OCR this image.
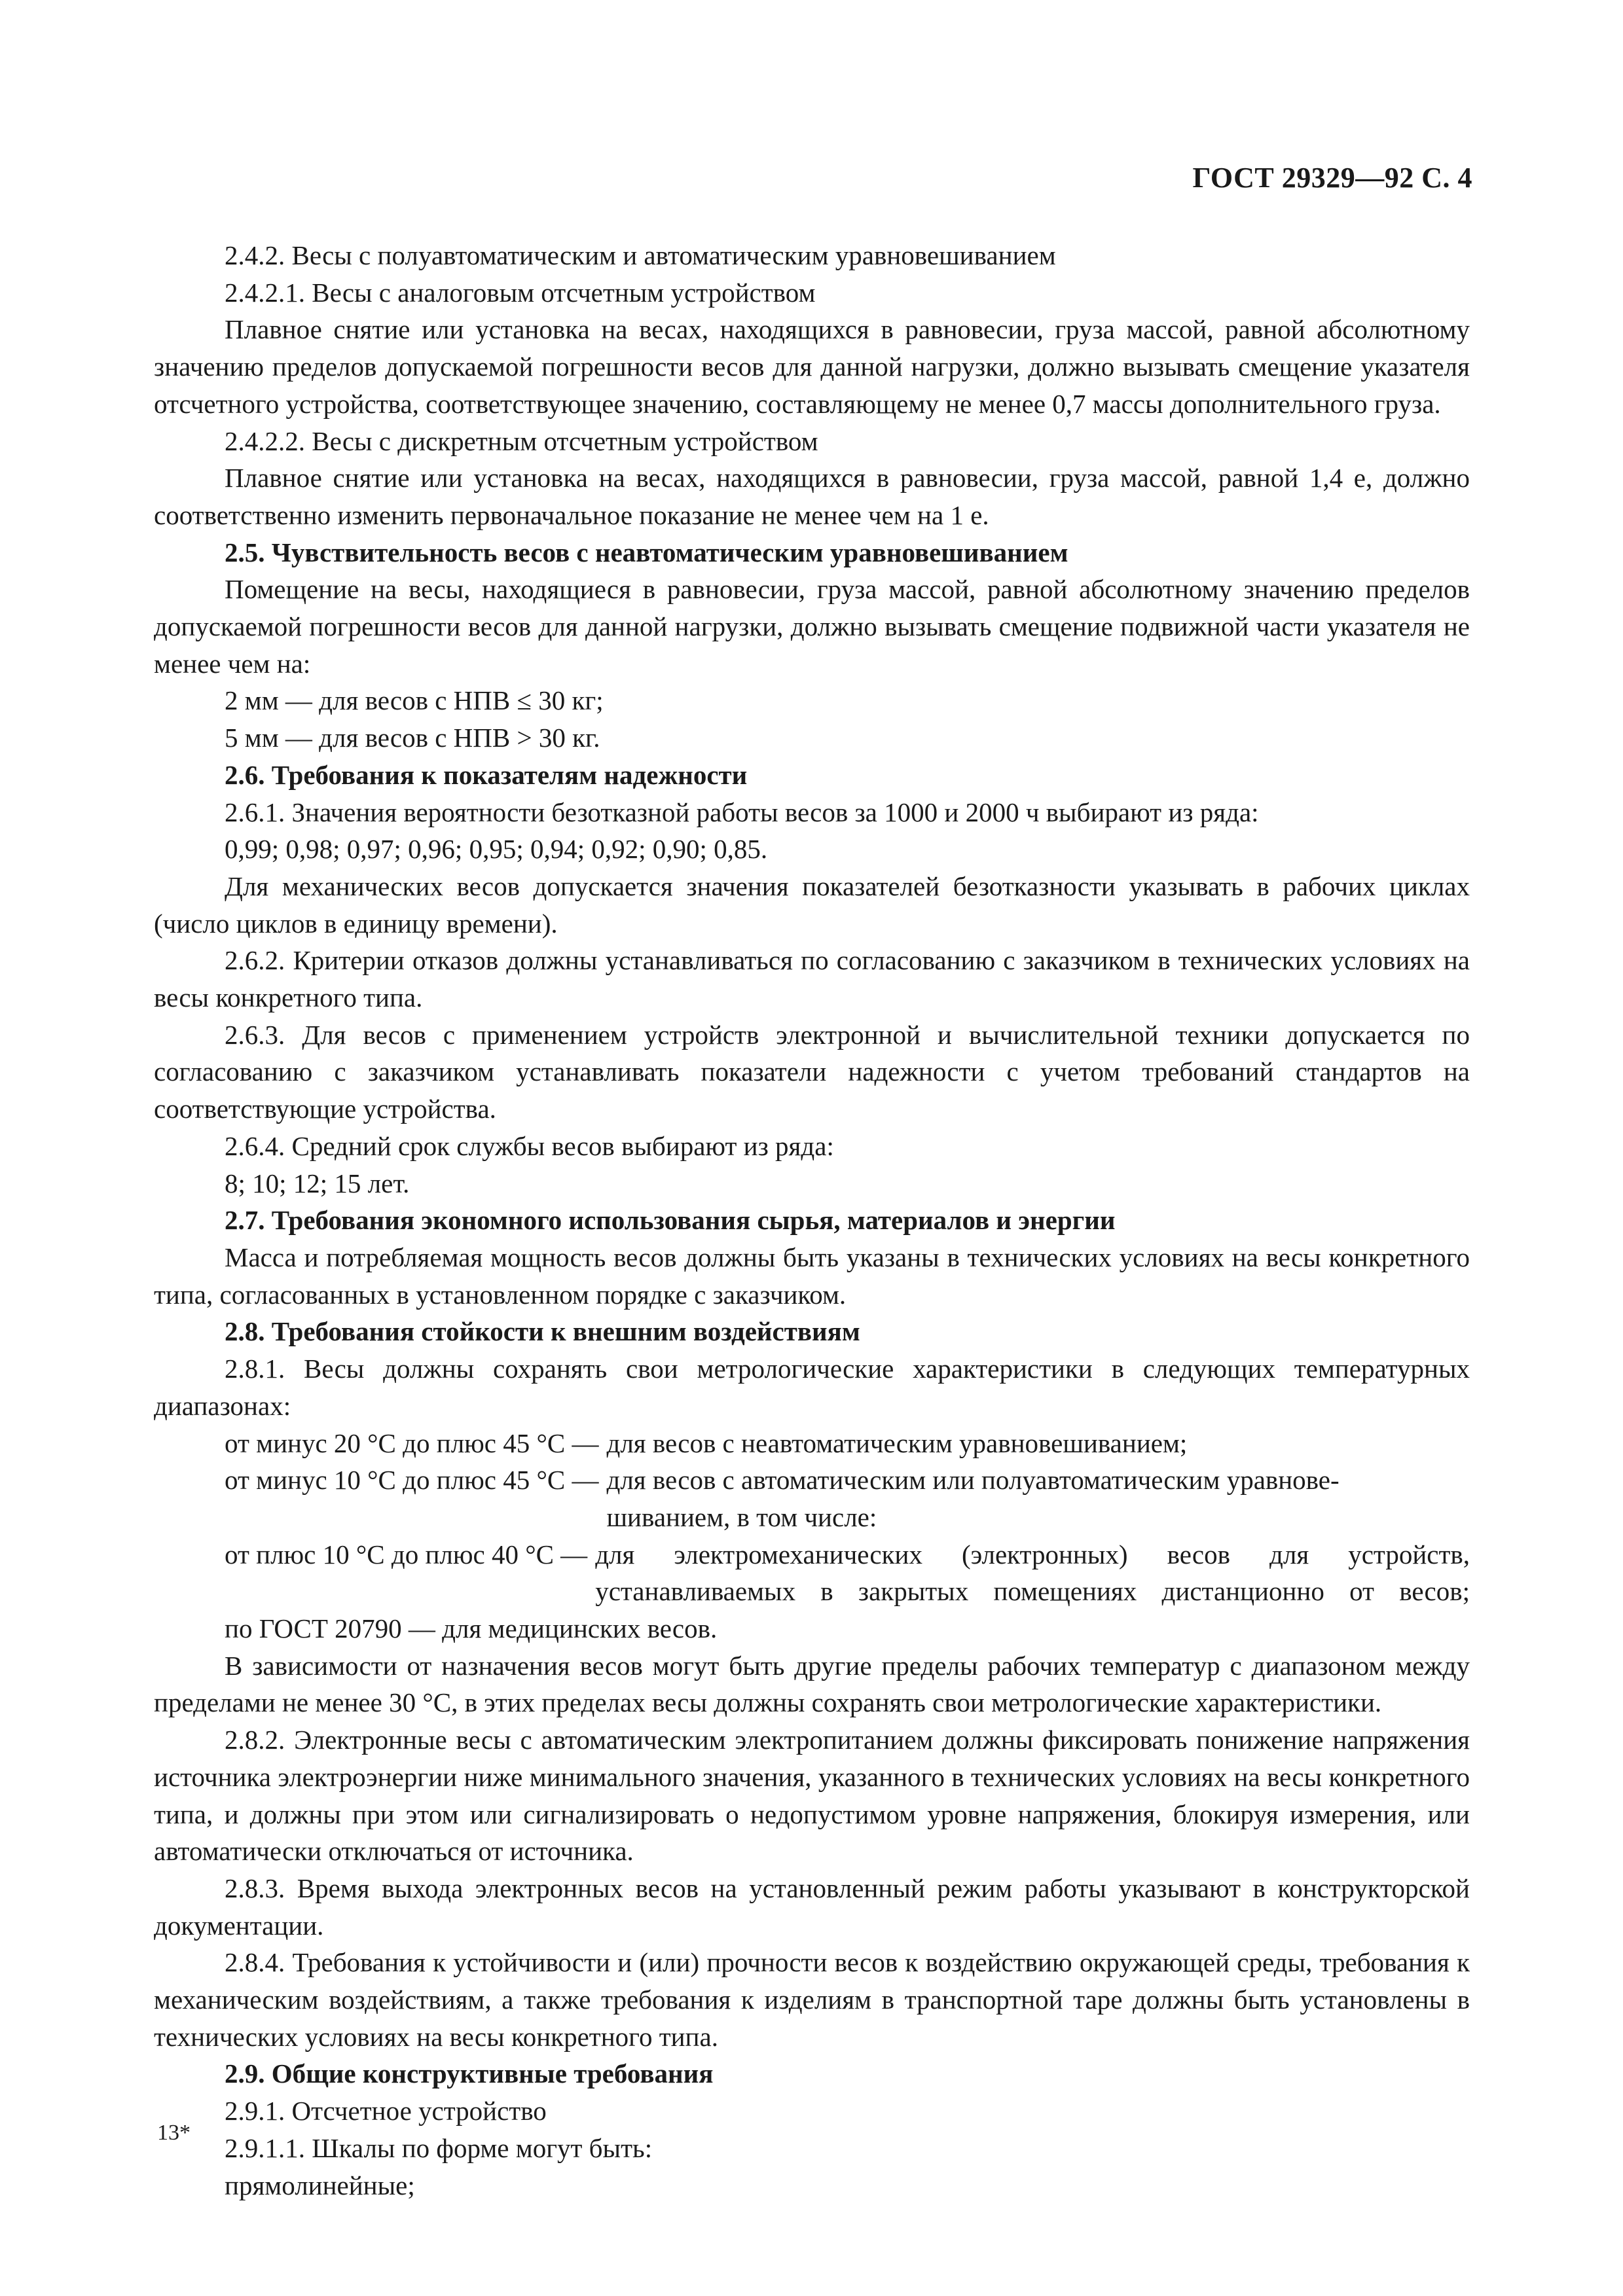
ГОСТ 29329—92 С. 4

2.4.2. Весы с полуавтоматическим и автоматическим уравновешиванием

2.4.2.1. Весы с аналоговым отсчетным устройством

Плавное снятие или установка на весах, находящихся в равновесии, груза массой, равной абсолютному значению пределов допускаемой погрешности весов для данной нагрузки, должно вызывать смещение указателя отсчетного устройства, соответствующее значению, составляющему не менее 0,7 массы дополнительного груза.

2.4.2.2. Весы с дискретным отсчетным устройством

Плавное снятие или установка на весах, находящихся в равновесии, груза массой, равной 1,4 е, должно соответственно изменить первоначальное показание не менее чем на 1 е.

2.5. Чувствительность весов с неавтоматическим уравновешиванием

Помещение на весы, находящиеся в равновесии, груза массой, равной абсолютному значению пределов допускаемой погрешности весов для данной нагрузки, должно вызывать смещение подвижной части указателя не менее чем на:

2 мм — для весов с НПВ ≤ 30 кг;

5 мм — для весов с НПВ > 30 кг.

2.6. Требования к показателям надежности

2.6.1. Значения вероятности безотказной работы весов за 1000 и 2000 ч выбирают из ряда:

0,99; 0,98; 0,97; 0,96; 0,95; 0,94; 0,92; 0,90; 0,85.

Для механических весов допускается значения показателей безотказности указывать в рабочих циклах (число циклов в единицу времени).

2.6.2. Критерии отказов должны устанавливаться по согласованию с заказчиком в технических условиях на весы конкретного типа.

2.6.3. Для весов с применением устройств электронной и вычислительной техники допускается по согласованию с заказчиком устанавливать показатели надежности с учетом требований стандартов на соответствующие устройства.

2.6.4. Средний срок службы весов выбирают из ряда:

8; 10; 12; 15 лет.

2.7. Требования экономного использования сырья, материалов и энергии

Масса и потребляемая мощность весов должны быть указаны в технических условиях на весы конкретного типа, согласованных в установленном порядке с заказчиком.

2.8. Требования стойкости к внешним воздействиям

2.8.1. Весы должны сохранять свои метрологические характеристики в следующих температурных диапазонах:

от минус 20 °С до плюс 45 °С — для весов с неавтоматическим уравновешиванием;
от минус 10 °С до плюс 45 °С — для весов с автоматическим или полуавтоматическим уравнове-
шиванием, в том числе:
от плюс 10 °С до плюс 40 °С — для электромеханических (электронных) весов для устройств,
устанавливаемых в закрытых помещениях дистанционно от весов;

по ГОСТ 20790 — для медицинских весов.

В зависимости от назначения весов могут быть другие пределы рабочих температур с диапазоном между пределами не менее 30 °С, в этих пределах весы должны сохранять свои метрологические характеристики.

2.8.2. Электронные весы с автоматическим электропитанием должны фиксировать понижение напряжения источника электроэнергии ниже минимального значения, указанного в технических условиях на весы конкретного типа, и должны при этом или сигнализировать о недопустимом уровне напряжения, блокируя измерения, или автоматически отключаться от источника.

2.8.3. Время выхода электронных весов на установленный режим работы указывают в конструкторской документации.

2.8.4. Требования к устойчивости и (или) прочности весов к воздействию окружающей среды, требования к механическим воздействиям, а также требования к изделиям в транспортной таре должны быть установлены в технических условиях на весы конкретного типа.

2.9. Общие конструктивные требования

2.9.1. Отсчетное устройство

2.9.1.1. Шкалы по форме могут быть:

прямолинейные;

13*
